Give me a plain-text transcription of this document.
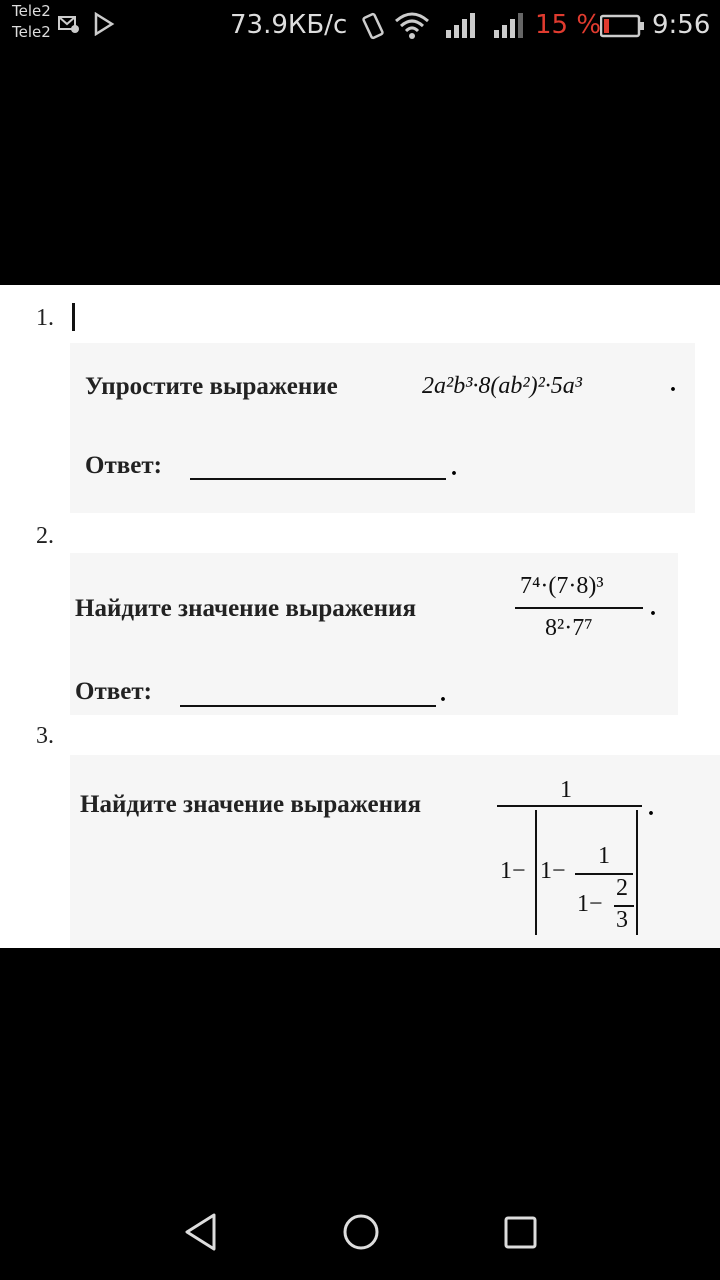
Tele2
Tele2	73.9КБ/с	15 % 9:56
1.
Упростите выражение	2a²b³·8(ab²)²·5a³	.
Ответ:	.
2.
Найдите значение выражения
7⁴·(7·8)³
8²·7⁷
.
Ответ:	.
3.
Найдите значение выражения
1
.
1− 1−
1
1−
2
3
